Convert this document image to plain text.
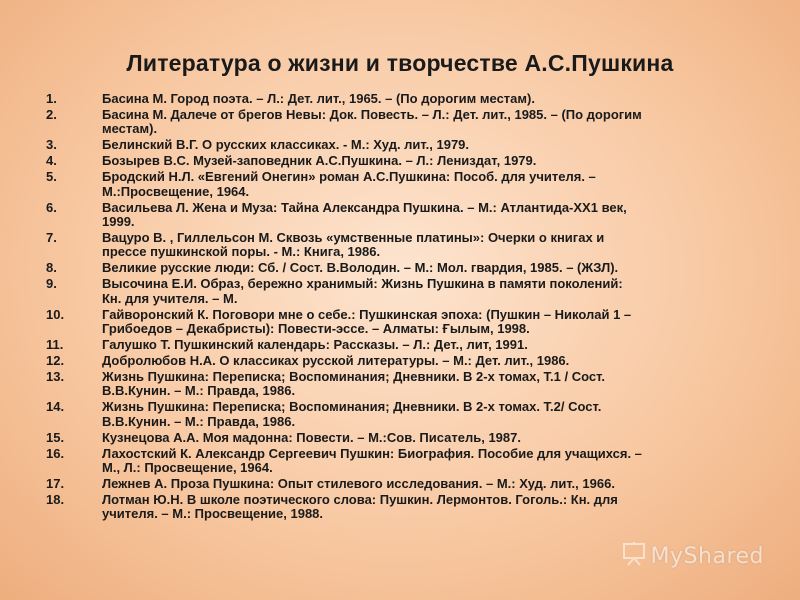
Литература о жизни и творчестве А.С.Пушкина
1.	Басина М. Город поэта. – Л.: Дет. лит., 1965. – (По дорогим местам).
2.	Басина М. Далече от брегов Невы: Док. Повесть. – Л.: Дет. лит., 1985. – (По дорогим
местам).
3.	Белинский В.Г. О русских классиках. - М.: Худ. лит., 1979.
4.	Бозырев В.С. Музей-заповедник А.С.Пушкина. – Л.: Лениздат, 1979.
5.	Бродский Н.Л. «Евгений Онегин» роман А.С.Пушкина: Пособ. для учителя. –
М.:Просвещение, 1964.
6.	Васильева Л. Жена и Муза: Тайна Александра Пушкина. – М.: Атлантида-ХХ1 век,
1999.
7.	Вацуро В. , Гиллельсон М. Сквозь «умственные платины»: Очерки о книгах и
прессе пушкинской поры. - М.: Книга, 1986.
8.	Великие русские люди: Сб. / Сост. В.Володин. – М.: Мол. гвардия, 1985. – (ЖЗЛ).
9.	Высочина Е.И. Образ, бережно хранимый: Жизнь Пушкина в памяти поколений:
Кн. для учителя. – М.
10.	Гайворонский К. Поговори мне о себе.: Пушкинская эпоха: (Пушкин – Николай 1 –
Грибоедов – Декабристы): Повести-эссе. – Алматы: Ғылым, 1998.
11.	Галушко Т. Пушкинский календарь: Рассказы. – Л.: Дет., лит, 1991.
12.	Добролюбов Н.А. О классиках русской литературы. – М.: Дет. лит., 1986.
13.	Жизнь Пушкина: Переписка; Воспоминания; Дневники. В 2-х томах, Т.1 / Сост.
В.В.Кунин. – М.: Правда, 1986.
14.	Жизнь Пушкина: Переписка; Воспоминания; Дневники. В 2-х томах. Т.2/ Сост.
В.В.Кунин. – М.: Правда, 1986.
15.	Кузнецова А.А. Моя мадонна: Повести. – М.:Сов. Писатель, 1987.
16.	Лахостский К. Александр Сергеевич Пушкин: Биография. Пособие для учащихся. –
М., Л.: Просвещение, 1964.
17.	Лежнев А. Проза Пушкина: Опыт стилевого исследования. – М.: Худ. лит., 1966.
18.	Лотман Ю.Н. В школе поэтического слова: Пушкин. Лермонтов. Гоголь.: Кн. для
учителя. – М.: Просвещение, 1988.
MyShared
